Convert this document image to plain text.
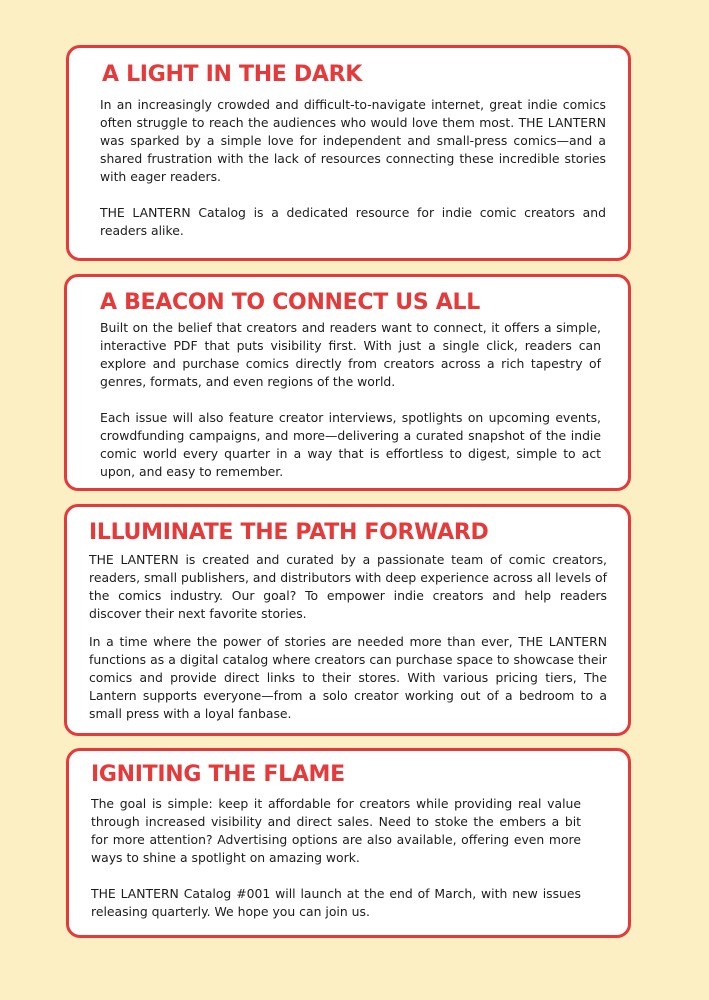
A LIGHT IN THE DARK

In an increasingly crowded and difficult-to-navigate internet, great indie comics often struggle to reach the audiences who would love them most. THE LANTERN was sparked by a simple love for independent and small-press comics—and a shared frustration with the lack of resources connecting these incredible stories with eager readers.

THE LANTERN Catalog is a dedicated resource for indie comic creators and readers alike.

A BEACON TO CONNECT US ALL

Built on the belief that creators and readers want to connect, it offers a simple, interactive PDF that puts visibility first. With just a single click, readers can explore and purchase comics directly from creators across a rich tapestry of genres, formats, and even regions of the world.

Each issue will also feature creator interviews, spotlights on upcoming events, crowdfunding campaigns, and more—delivering a curated snapshot of the indie comic world every quarter in a way that is effortless to digest, simple to act upon, and easy to remember.

ILLUMINATE THE PATH FORWARD

THE LANTERN is created and curated by a passionate team of comic creators, readers, small publishers, and distributors with deep experience across all levels of the comics industry. Our goal? To empower indie creators and help readers discover their next favorite stories.

In a time where the power of stories are needed more than ever, THE LANTERN functions as a digital catalog where creators can purchase space to showcase their comics and provide direct links to their stores. With various pricing tiers, The Lantern supports everyone—from a solo creator working out of a bedroom to a small press with a loyal fanbase.

IGNITING THE FLAME

The goal is simple: keep it affordable for creators while providing real value through increased visibility and direct sales. Need to stoke the embers a bit for more attention? Advertising options are also available, offering even more ways to shine a spotlight on amazing work.

THE LANTERN Catalog #001 will launch at the end of March, with new issues releasing quarterly. We hope you can join us.
